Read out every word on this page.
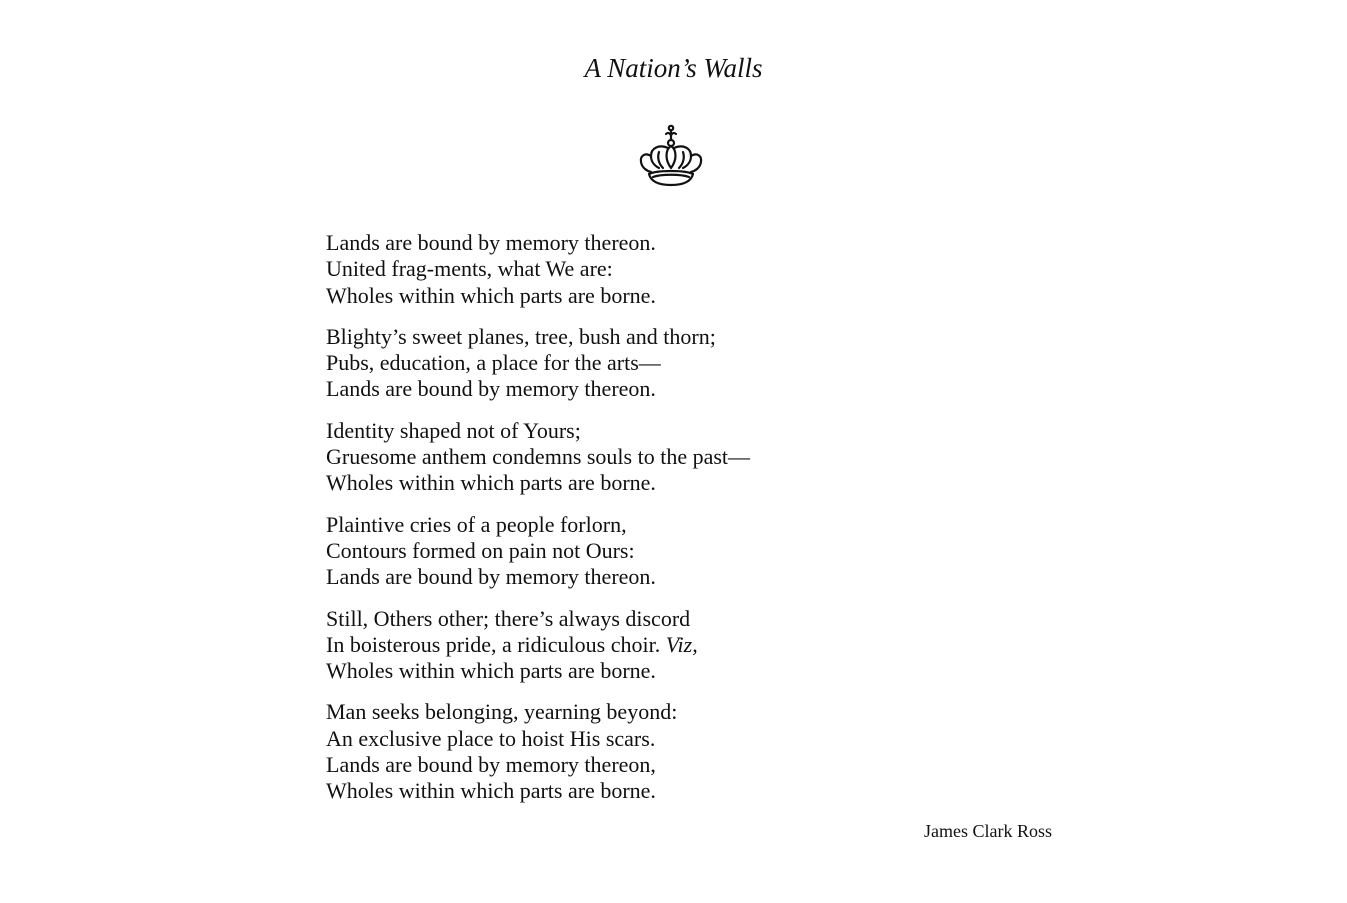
A Nation’s Walls
Lands are bound by memory thereon.
United frag-ments, what We are:
Wholes within which parts are borne.
Blighty’s sweet planes, tree, bush and thorn;
Pubs, education, a place for the arts—
Lands are bound by memory thereon.
Identity shaped not of Yours;
Gruesome anthem condemns souls to the past—
Wholes within which parts are borne.
Plaintive cries of a people forlorn,
Contours formed on pain not Ours:
Lands are bound by memory thereon.
Still, Others other; there’s always discord
In boisterous pride, a ridiculous choir. Viz,
Wholes within which parts are borne.
Man seeks belonging, yearning beyond:
An exclusive place to hoist His scars.
Lands are bound by memory thereon,
Wholes within which parts are borne.
James Clark Ross
